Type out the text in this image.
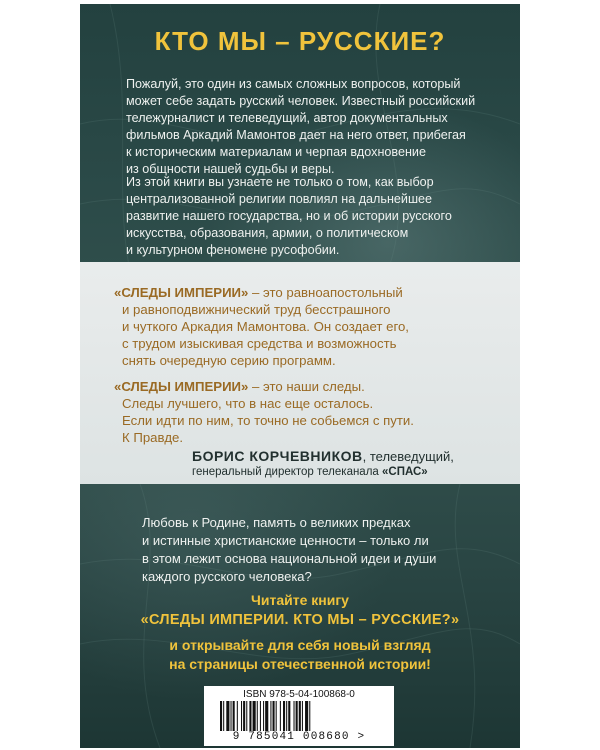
КТО МЫ – РУССКИЕ?

Пожалуй, это один из самых сложных вопросов, который
может себе задать русский человек. Известный российский
тележурналист и телеведущий, автор документальных
фильмов Аркадий Мамонтов дает на него ответ, прибегая
к историческим материалам и черпая вдохновение
из общности нашей судьбы и веры.

Из этой книги вы узнаете не только о том, как выбор
централизованной религии повлиял на дальнейшее
развитие нашего государства, но и об истории русского
искусства, образования, армии, о политическом
и культурном феномене русофобии.

«СЛЕДЫ ИМПЕРИИ» – это равноапостольный
и равноподвижнический труд бесстрашного
и чуткого Аркадия Мамонтова. Он создает его,
с трудом изыскивая средства и возможность
снять очередную серию программ.

«СЛЕДЫ ИМПЕРИИ» – это наши следы.
Следы лучшего, что в нас еще осталось.
Если идти по ним, то точно не собьемся с пути.
К Правде.

БОРИС КОРЧЕВНИКОВ, телеведущий,
генеральный директор телеканала «СПАС»

Любовь к Родине, память о великих предках
и истинные христианские ценности – только ли
в этом лежит основа национальной идеи и души
каждого русского человека?

Читайте книгу

«СЛЕДЫ ИМПЕРИИ. КТО МЫ – РУССКИЕ?»

и открывайте для себя новый взгляд
на страницы отечественной истории!

ISBN 978-5-04-100868-0

9 785041 008680 >
